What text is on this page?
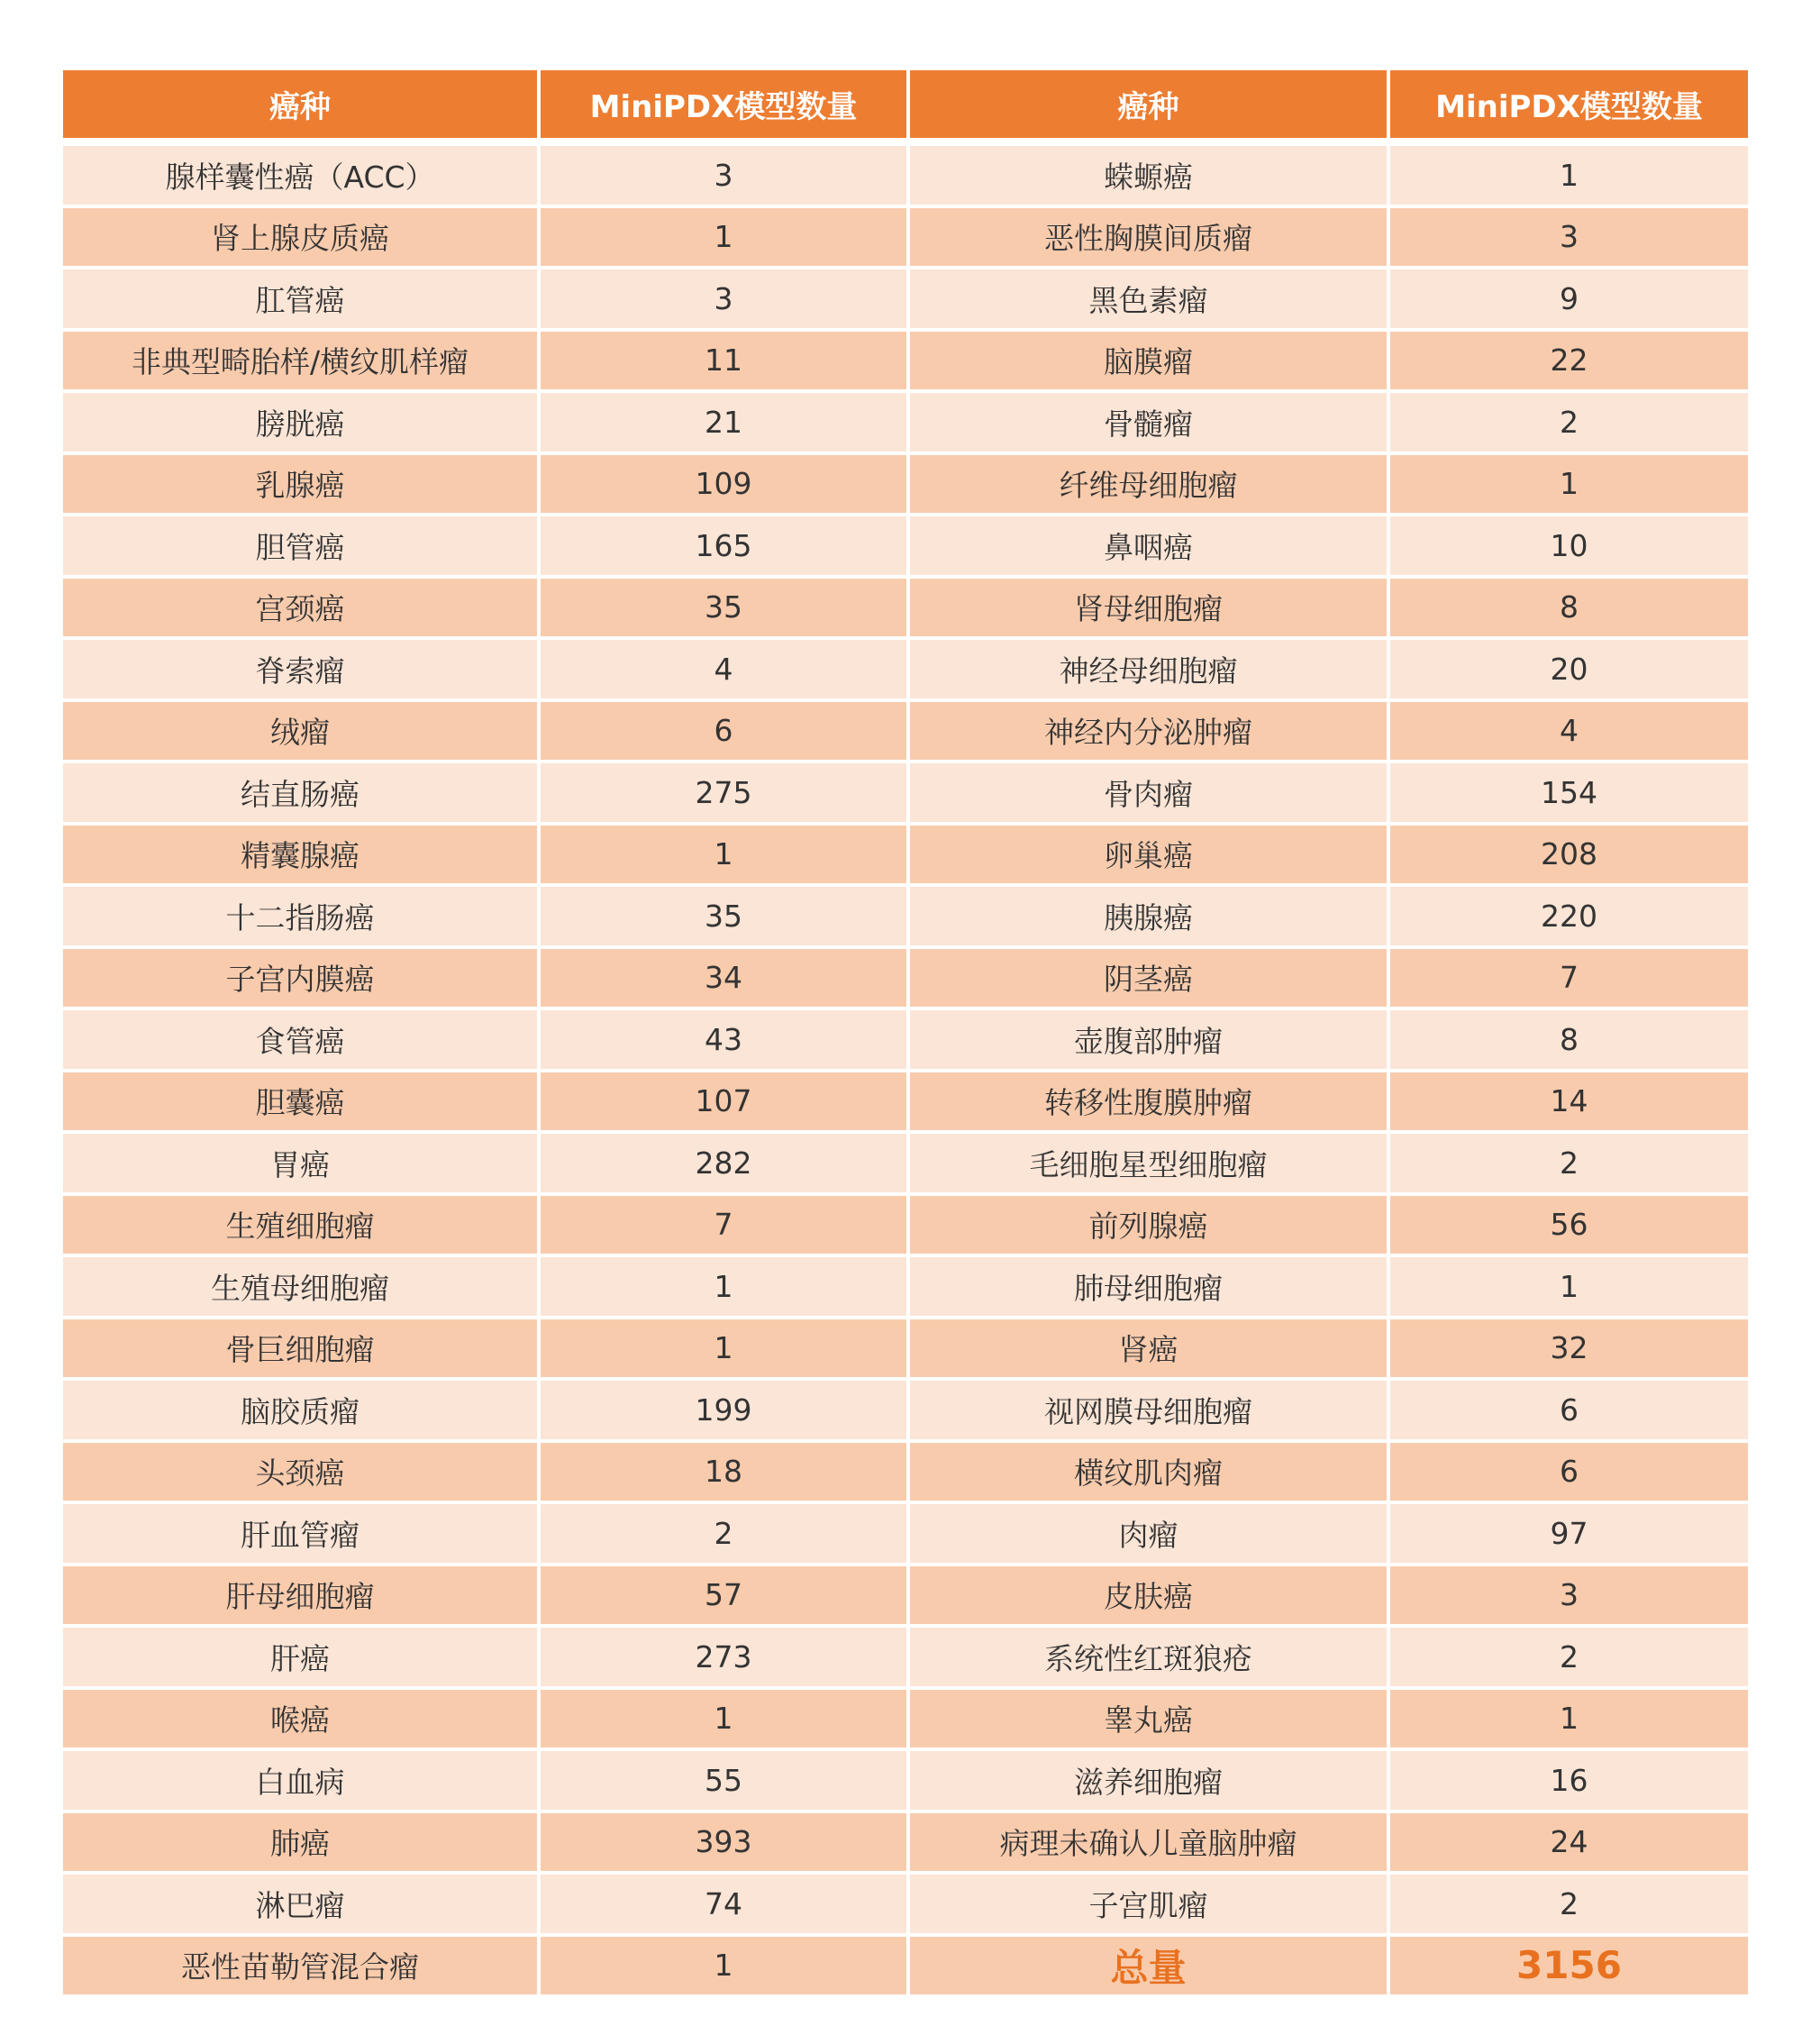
癌种	MiniPDX模型数量	癌种	MiniPDX模型数量
腺样囊性癌（ACC）	3	蝾螈癌	1
肾上腺皮质癌	1	恶性胸膜间质瘤	3
肛管癌	3	黑色素瘤	9
非典型畸胎样/横纹肌样瘤	11	脑膜瘤	22
膀胱癌	21	骨髓瘤	2
乳腺癌	109	纤维母细胞瘤	1
胆管癌	165	鼻咽癌	10
宫颈癌	35	肾母细胞瘤	8
脊索瘤	4	神经母细胞瘤	20
绒瘤	6	神经内分泌肿瘤	4
结直肠癌	275	骨肉瘤	154
精囊腺癌	1	卵巢癌	208
十二指肠癌	35	胰腺癌	220
子宫内膜癌	34	阴茎癌	7
食管癌	43	壶腹部肿瘤	8
胆囊癌	107	转移性腹膜肿瘤	14
胃癌	282	毛细胞星型细胞瘤	2
生殖细胞瘤	7	前列腺癌	56
生殖母细胞瘤	1	肺母细胞瘤	1
骨巨细胞瘤	1	肾癌	32
脑胶质瘤	199	视网膜母细胞瘤	6
头颈癌	18	横纹肌肉瘤	6
肝血管瘤	2	肉瘤	97
肝母细胞瘤	57	皮肤癌	3
肝癌	273	系统性红斑狼疮	2
喉癌	1	睾丸癌	1
白血病	55	滋养细胞瘤	16
肺癌	393	病理未确认儿童脑肿瘤	24
淋巴瘤	74	子宫肌瘤	2
恶性苗勒管混合瘤	1	总量	3156
